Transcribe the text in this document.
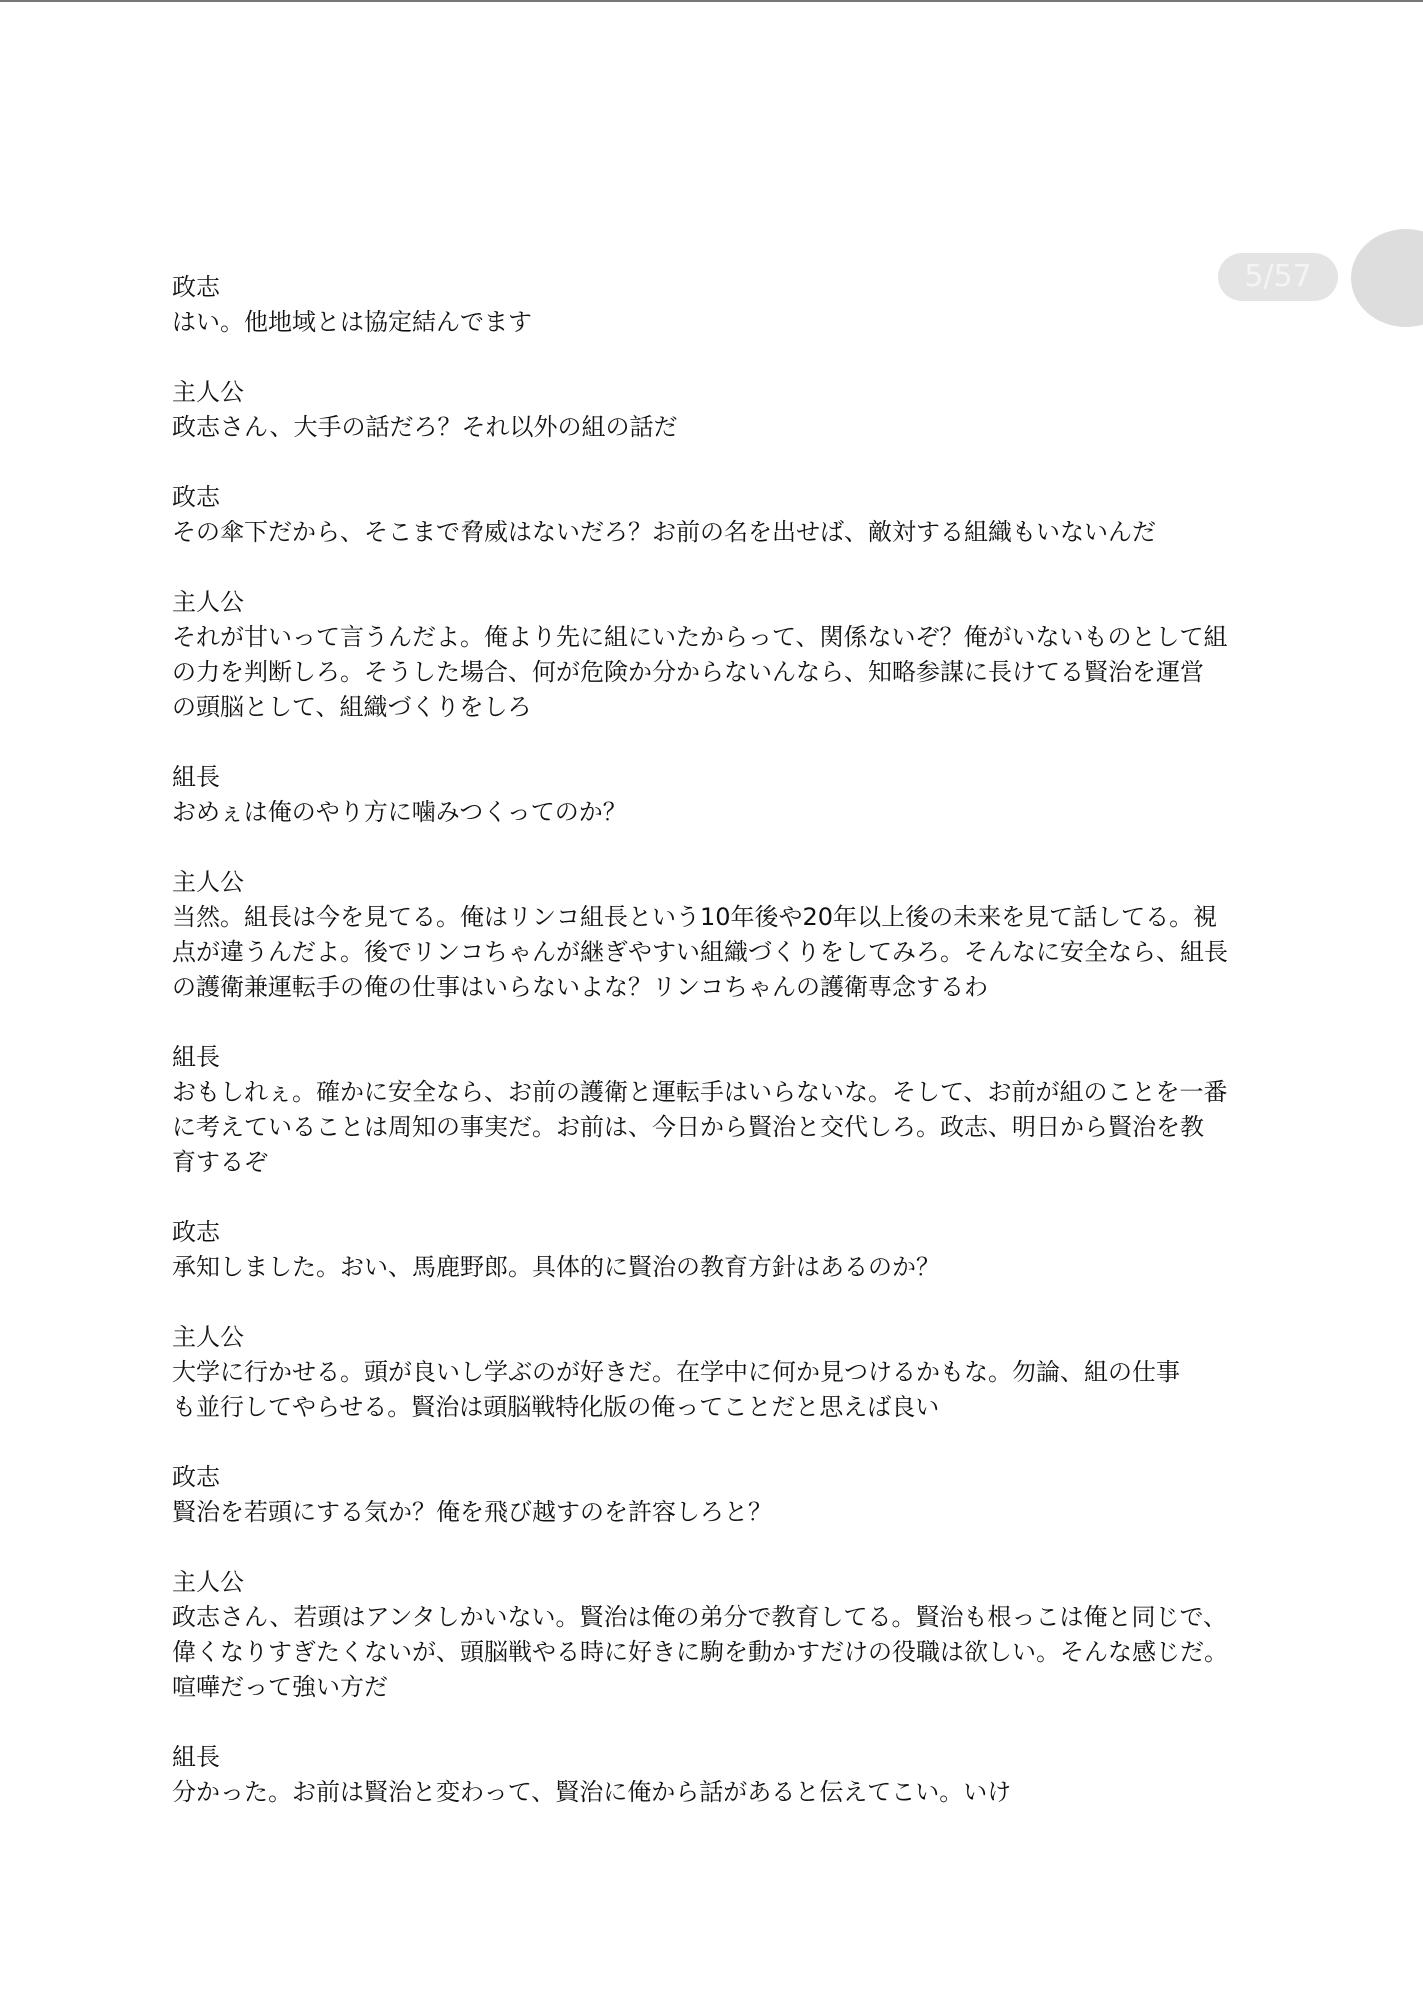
5/57
政志
はい。他地域とは協定結んでます
主人公
政志さん、大手の話だろ？それ以外の組の話だ
政志
その傘下だから、そこまで脅威はないだろ？お前の名を出せば、敵対する組織もいないんだ
主人公
それが甘いって言うんだよ。俺より先に組にいたからって、関係ないぞ？俺がいないものとして組
の力を判断しろ。そうした場合、何が危険か分からないんなら、知略参謀に長けてる賢治を運営
の頭脳として、組織づくりをしろ
組長
おめぇは俺のやり方に噛みつくってのか？
主人公
当然。組長は今を見てる。俺はリンコ組長という10年後や20年以上後の未来を見て話してる。視
点が違うんだよ。後でリンコちゃんが継ぎやすい組織づくりをしてみろ。そんなに安全なら、組長
の護衛兼運転手の俺の仕事はいらないよな？リンコちゃんの護衛専念するわ
組長
おもしれぇ。確かに安全なら、お前の護衛と運転手はいらないな。そして、お前が組のことを一番
に考えていることは周知の事実だ。お前は、今日から賢治と交代しろ。政志、明日から賢治を教
育するぞ
政志
承知しました。おい、馬鹿野郎。具体的に賢治の教育方針はあるのか？
主人公
大学に行かせる。頭が良いし学ぶのが好きだ。在学中に何か見つけるかもな。勿論、組の仕事
も並行してやらせる。賢治は頭脳戦特化版の俺ってことだと思えば良い
政志
賢治を若頭にする気か？俺を飛び越すのを許容しろと？
主人公
政志さん、若頭はアンタしかいない。賢治は俺の弟分で教育してる。賢治も根っこは俺と同じで、
偉くなりすぎたくないが、頭脳戦やる時に好きに駒を動かすだけの役職は欲しい。そんな感じだ。
喧嘩だって強い方だ
組長
分かった。お前は賢治と変わって、賢治に俺から話があると伝えてこい。いけ
